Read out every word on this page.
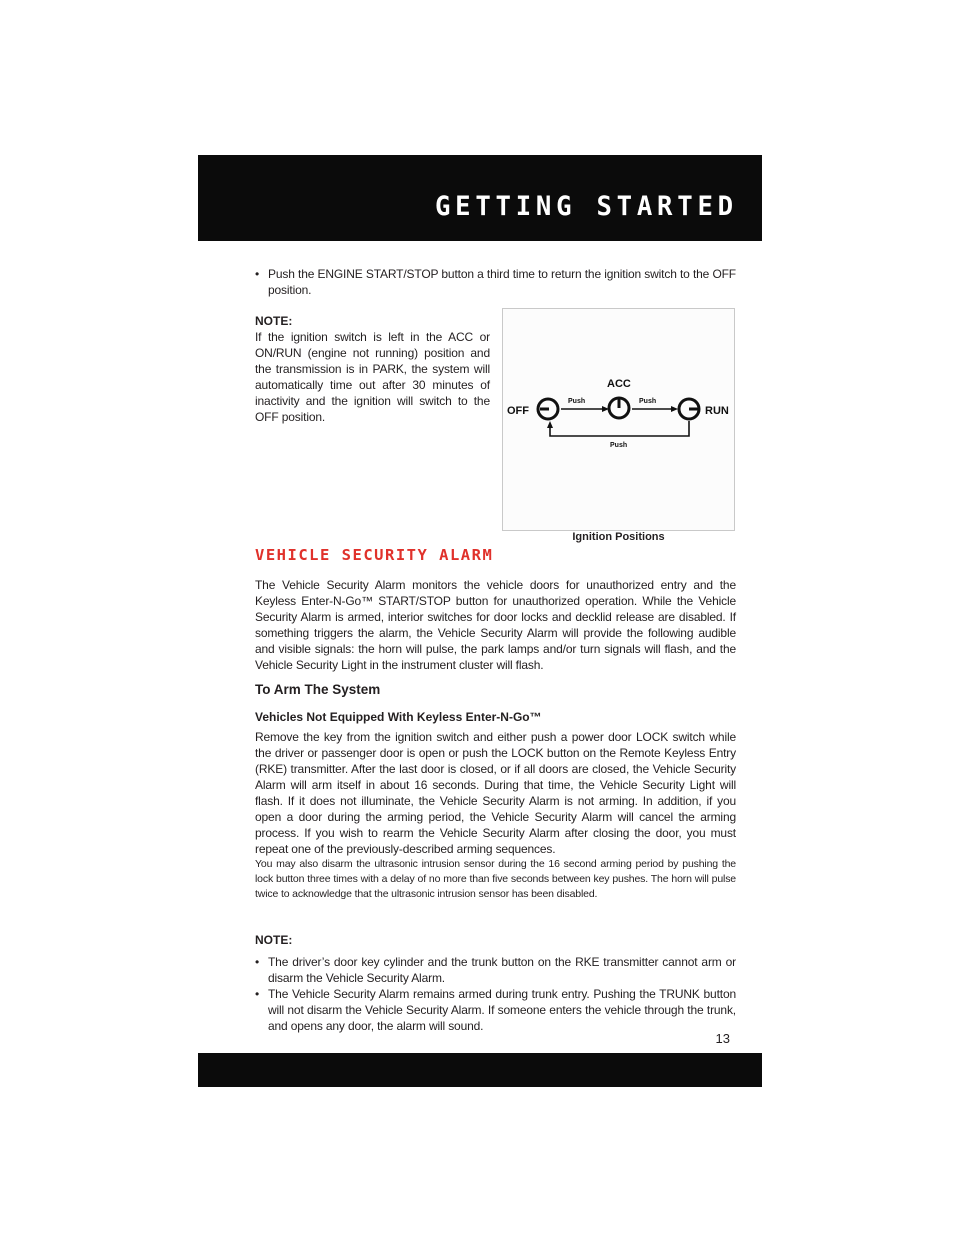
GETTING STARTED

• Push the ENGINE START/STOP button a third time to return the ignition switch to the OFF position.

NOTE:

If the ignition switch is left in the ACC or ON/RUN (engine not running) position and the transmission is in PARK, the system will automatically time out after 30 minutes of inactivity and the ignition will switch to the OFF position.	OFF
Push
ACC
Push
RUN
Push
Ignition Positions
VEHICLE SECURITY ALARM

The Vehicle Security Alarm monitors the vehicle doors for unauthorized entry and the Keyless Enter-N-Go™ START/STOP button for unauthorized operation. While the Vehicle Security Alarm is armed, interior switches for door locks and decklid release are disabled. If something triggers the alarm, the Vehicle Security Alarm will provide the following audible and visible signals: the horn will pulse, the park lamps and/or turn signals will flash, and the Vehicle Security Light in the instrument cluster will flash.

To Arm The System
Vehicles Not Equipped With Keyless Enter-N-Go™

Remove the key from the ignition switch and either push a power door LOCK switch while the driver or passenger door is open or push the LOCK button on the Remote Keyless Entry (RKE) transmitter. After the last door is closed, or if all doors are closed, the Vehicle Security Alarm will arm itself in about 16 seconds. During that time, the Vehicle Security Light will flash. If it does not illuminate, the Vehicle Security Alarm is not arming. In addition, if you open a door during the arming period, the Vehicle Security Alarm will cancel the arming process. If you wish to rearm the Vehicle Security Alarm after closing the door, you must repeat one of the previously-described arming sequences.

You may also disarm the ultrasonic intrusion sensor during the 16 second arming period by pushing the lock button three times with a delay of no more than five seconds between key pushes. The horn will pulse twice to acknowledge that the ultrasonic intrusion sensor has been disabled.

NOTE:

• The driver’s door key cylinder and the trunk button on the RKE transmitter cannot arm or disarm the Vehicle Security Alarm.

• The Vehicle Security Alarm remains armed during trunk entry. Pushing the TRUNK button will not disarm the Vehicle Security Alarm. If someone enters the vehicle through the trunk, and opens any door, the alarm will sound.

13
